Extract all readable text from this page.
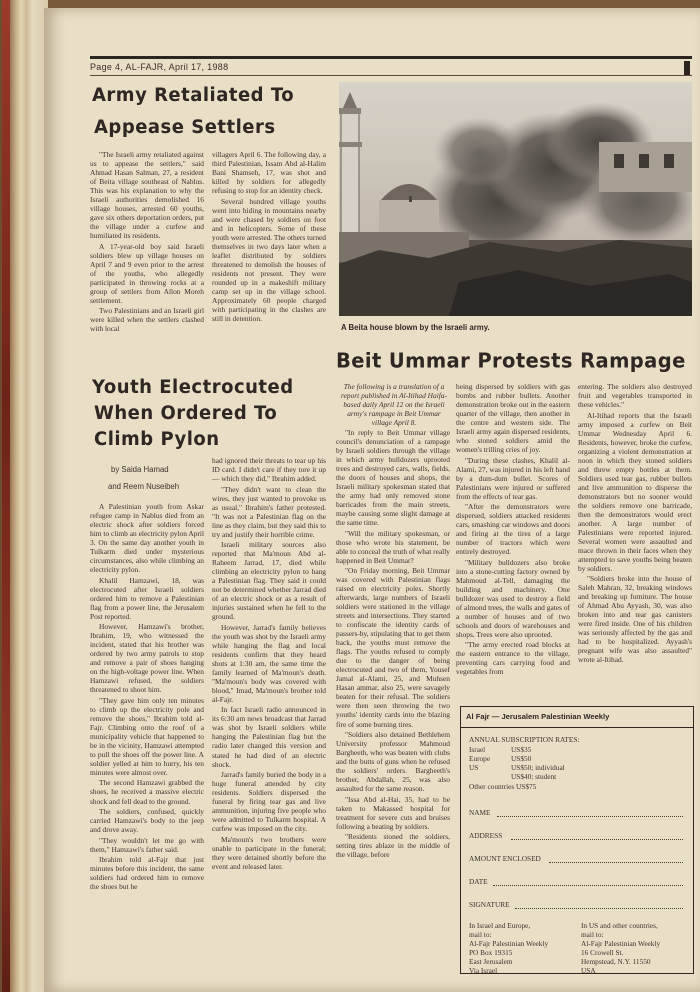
Page 4, AL-FAJR, April 17, 1988
Army Retaliated To
Appease Settlers

"The Israeli army retaliated against us to appease the settlers," said Ahmad Hasan Salman, 27, a resident of Beita village southeast of Nablus. This was his explanation to why the Israeli authorities demolished 16 village houses, arrested 60 youths, gave six others deportation orders, put the village under a curfew and humiliated its residents.

A 17-year-old boy said Israeli soldiers blew up village houses on April 7 and 9 even prior to the arrest of the youths, who allegedly participated in throwing rocks at a group of settlers from Allon Moreh settlement.

Two Palestinians and an Israeli girl were killed when the settlers clashed with local

villagers April 6. The following day, a third Palestinian, Issam Abd al-Halim Bani Shamseh, 17, was shot and killed by soldiers for allegedly refusing to stop for an identity check.

Several hundred village youths went into hiding in mountains nearby and were chased by soldiers on foot and in helicopters. Some of these youth were arrested. The others turned themselves in two days later when a leaflet distributed by soldiers threatened to demolish the houses of residents not present. They were rounded up in a makeshift military camp set up in the village school. Approximately 60 people charged with participating in the clashes are still in detention.

A Beita house blown by the Israeli army.
Beit Ummar Protests Rampage
Youth Electrocuted
When Ordered To
Climb Pylon
by Saida Hamad
and Reem Nuseibeh

A Palestinian youth from Askar refugee camp in Nablus died from an electric shock after soldiers forced him to climb an electricity pylon April 3. On the same day another youth in Tulkarm died under mysterious circumstances, also while climbing an electricity pylon.

Khalil Hamzawi, 18, was electrocuted after Israeli soldiers ordered him to remove a Palestinian flag from a power line, the Jerusalem Post reported.

However, Hamzawi's brother, Ibrahim, 19, who witnessed the incident, stated that his brother was ordered by two army patrols to stop and remove a pair of shoes hanging on the high-voltage power line. When Hamzawi refused, the soldiers threatened to shoot him.

"They gave him only ten minutes to climb up the electricity pole and remove the shoes," Ibrahim told al-Fajr. Climbing onto the roof of a municipality vehicle that happened to be in the vicinity, Hamzawi attempted to pull the shoes off the power line. A soldier yelled at him to hurry, his ten minutes were almost over.

The second Hamzawi grabbed the shoes, he received a massive electric shock and fell dead to the ground.

The soldiers, confused, quickly carried Hamzawi's body to the jeep and drove away.

"They wouldn't let me go with them," Hamzawi's father said.

Ibrahim told al-Fajr that just minutes before this incident, the same soldiers had ordered him to remove the shoes but he

had ignored their threats to tear up his ID card. I didn't care if they tore it up — which they did," Ibrahim added.

"They didn't want to clean the wires, they just wanted to provoke us as usual," Ibrahim's father protested. "It was not a Palestinian flag on the line as they claim, but they said this to try and justify their horrible crime.

Israeli military sources also reported that Ma'moun Abd al-Raheem Jarrad, 17, died while climbing an electricity pylon to hang a Palestinian flag. They said it could not be determined whether Jarrad died of an electric shock or as a result of injuries sustained when he fell to the ground.

However, Jarrad's family believes the youth was shot by the Israeli army while hanging the flag and local residents confirm that they heard shots at 1:30 am, the same time the family learned of Ma'moun's death. "Ma'moun's body was covered with blood," Imad, Ma'moun's brother told al-Fajr.

In fact Israeli radio announced in its 6:30 am news broadcast that Jarrad was shot by Israeli soldiers while hanging the Palestinian flag but the radio later changed this version and stated he had died of an electric shock.

Jarrad's family buried the body in a huge funeral attended by city residents. Soldiers dispersed the funeral by firing tear gas and live ammunition, injuring five people who were admitted to Tulkarm hospital. A curfew was imposed on the city.

Ma'moun's two brothers were unable to participate in the funeral; they were detained shortly before the event and released later.

The following is a translation of a report published in Al-Itihad Haifa-based daily April 12 on the Israeli army's rampage in Beit Ummar village April 8.

"In reply to Beit Ummar village council's denunciation of a rampage by Israeli soldiers through the village in which army bulldozers uprooted trees and destroyed cars, walls, fields, the doors of houses and shops, the Israeli military spokesman stated that the army had only removed stone barricades from the main streets, maybe causing some slight damage at the same time.

"Will the military spokesman, or those who wrote his statement, be able to conceal the truth of what really happened in Beit Ummar?

"On Friday morning, Beit Ummar was covered with Palestinian flags raised on electricity poles. Shortly afterwards, large numbers of Israeli soldiers were stationed in the village streets and intersections. They started to confiscate the identity cards of passers-by, stipulating that to get them back, the youths must remove the flags. The youths refused to comply due to the danger of being electrocuted and two of them, Yousef Jamal al-Alami, 25, and Muhsen Hasan ammar, also 25, were savagely beaten for their refusal. The soldiers were then seen throwing the two youths' identity cards into the blazing fire of some burning tires.

"Soldiers also detained Bethlehem University professor Mahmoud Bargheeth, who was beaten with clubs and the butts of guns when he refused the soldiers' orders. Bargheeth's brother, Abdallah, 25, was also assaulted for the same reason.

"Issa Abd al-Hai, 35, had to be taken to Makassed hospital for treatment for severe cuts and bruises following a beating by soldiers.

"Residents stoned the soldiers, setting tires ablaze in the middle of the village, before

being dispersed by soldiers with gas bombs and rubber bullets. Another demonstration broke out in the eastern quarter of the village, then another in the centre and western side. The Israeli army again dispersed residents, who stoned soldiers amid the women's trilling cries of joy.

"During these clashes, Khalil al-Alami, 27, was injured in his left hand by a dum-dum bullet. Scores of Palestinians were injured or suffered from the effects of tear gas.

"After the demonstrators were dispersed, soldiers attacked residents cars, smashing car windows and doors and firing at the tires of a large number of tractors which were entirely destroyed.

"Military bulldozers also broke into a stone-cutting factory owned by Mahmoud al-Tell, damaging the building and machinery. One bulldozer was used to destroy a field of almond trees, the walls and gates of a number of houses and of two schools and doors of warehouses and shops. Trees were also uprooted.

"The army erected road blocks at the eastern entrance to the village, preventing cars carrying food and vegetables from

entering. The soldiers also destroyed fruit and vegetables transported in these vehicles."

Al-Itihad reports that the Israeli army imposed a curfew on Beit Ummar Wednesday April 6. Residents, however, broke the curfew, organizing a violent demonstration at noon in which they stoned soldiers and threw empty bottles at them. Soldiers used tear gas, rubber bullets and live ammunition to disperse the demonstrators but no sooner would the soldiers remove one barricade, then the demonstrators would erect another. A large number of Palestinians were reported injured. Several women were assaulted and mace thrown in their faces when they attempted to save youths being beaten by soldiers.

"Soldiers broke into the house of Saleh Mahran, 32, breaking windows and breaking up furniture. The house of Ahmad Abu Ayyash, 30, was also broken into and tear gas canisters were fired inside. One of his children was seriously affected by the gas and had to be hospitalized. Ayyash's pregnant wife was also assaulted" wrote al-Itihad.

Al Fajr — Jerusalem Palestinian Weekly
ANNUAL SUBSCRIPTION RATES:
Israel	US$35
Europe	US$50
US	US$50; individual
US$40; student
Other countries US$75
NAME
ADDRESS
AMOUNT ENCLOSED
DATE
SIGNATURE
In Israel and Europe,
mail to:
Al-Fajr Palestinian Weekly
PO Box 19315
East Jerusalem
Via Israel
In US and other countries,
mail to:
Al-Fajr Palestinian Weekly
16 Crowell St.
Hempstead, N.Y. 11550
USA
